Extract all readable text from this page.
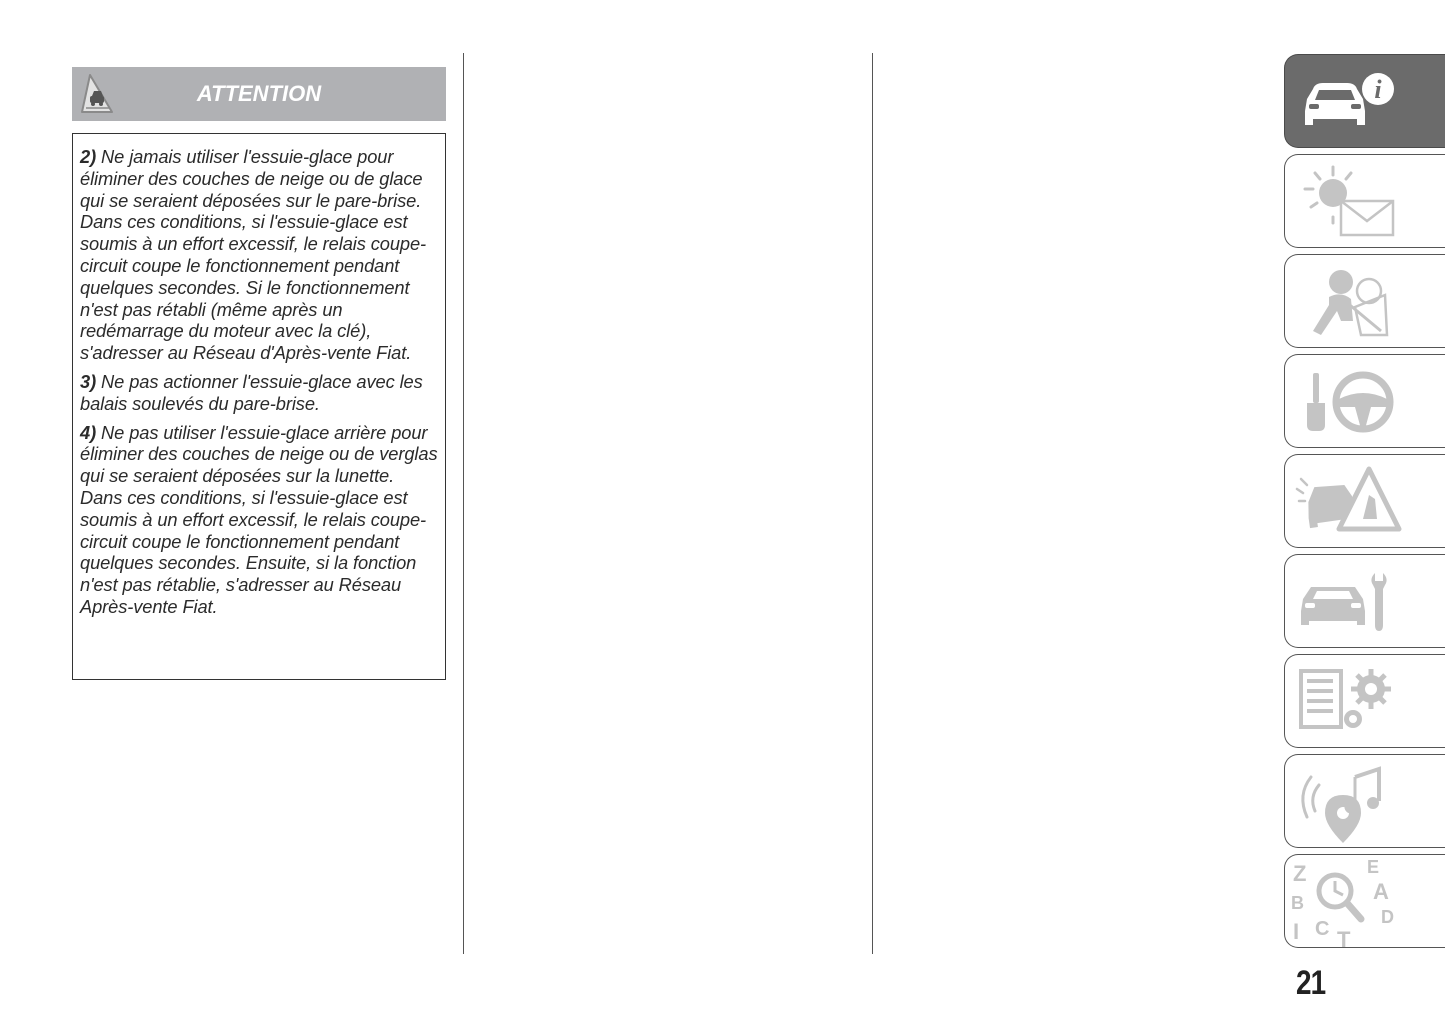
ATTENTION

2) Ne jamais utiliser l'essuie-glace pour éliminer des couches de neige ou de glace qui se seraient déposées sur le pare-brise. Dans ces conditions, si l'essuie-glace est soumis à un effort excessif, le relais coupe-circuit coupe le fonctionnement pendant quelques secondes. Si le fonctionnement n'est pas rétabli (même après un redémarrage du moteur avec la clé), s'adresser au Réseau d'Après-vente Fiat.

3) Ne pas actionner l'essuie-glace avec les balais soulevés du pare-brise.

4) Ne pas utiliser l'essuie-glace arrière pour éliminer des couches de neige ou de verglas qui se seraient déposées sur la lunette. Dans ces conditions, si l'essuie-glace est soumis à un effort excessif, le relais coupe-circuit coupe le fonctionnement pendant quelques secondes. Ensuite, si la fonction n'est pas rétablie, s'adresser au Réseau Après-vente Fiat.

i
Z	E
A
B
D
I C T
21
